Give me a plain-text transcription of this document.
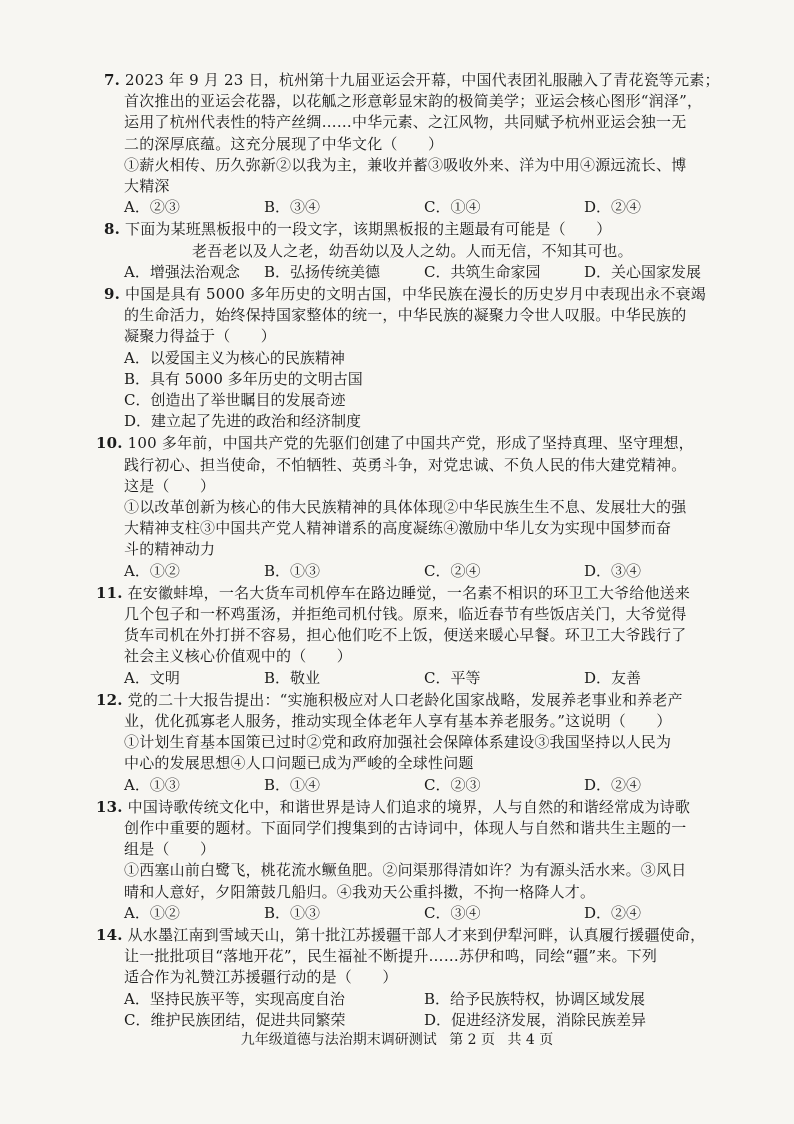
7. 2023 年 9 月 23 日，杭州第十九届亚运会开幕，中国代表团礼服融入了青花瓷等元素；
首次推出的亚运会花器，以花觚之形意彰显宋韵的极简美学；亚运会核心图形“润泽”，
运用了杭州代表性的特产丝绸……中华元素、之江风物，共同赋予杭州亚运会独一无
二的深厚底蕴。这充分展现了中华文化（　　）
①薪火相传、历久弥新②以我为主，兼收并蓄③吸收外来、洋为中用④源远流长、博
大精深
A．②③	B．③④	C．①④	D．②④
8. 下面为某班黑板报中的一段文字，该期黑板报的主题最有可能是（　　）
老吾老以及人之老，幼吾幼以及人之幼。人而无信，不知其可也。
A．增强法治观念 B．弘扬传统美德	C．共筑生命家园	D．关心国家发展
9. 中国是具有 5000 多年历史的文明古国，中华民族在漫长的历史岁月中表现出永不衰竭
的生命活力，始终保持国家整体的统一，中华民族的凝聚力令世人叹服。中华民族的
凝聚力得益于（　　）
A．以爱国主义为核心的民族精神
B．具有 5000 多年历史的文明古国
C．创造出了举世瞩目的发展奇迹
D．建立起了先进的政治和经济制度
10. 100 多年前，中国共产党的先驱们创建了中国共产党，形成了坚持真理、坚守理想，
践行初心、担当使命，不怕牺牲、英勇斗争，对党忠诚、不负人民的伟大建党精神。
这是（　　）
①以改革创新为核心的伟大民族精神的具体体现②中华民族生生不息、发展壮大的强
大精神支柱③中国共产党人精神谱系的高度凝练④激励中华儿女为实现中国梦而奋
斗的精神动力
A．①②	B．①③	C．②④	D．③④
11. 在安徽蚌埠，一名大货车司机停车在路边睡觉，一名素不相识的环卫工大爷给他送来
几个包子和一杯鸡蛋汤，并拒绝司机付钱。原来，临近春节有些饭店关门，大爷觉得
货车司机在外打拼不容易，担心他们吃不上饭，便送来暖心早餐。环卫工大爷践行了
社会主义核心价值观中的（　　）
A．文明	B．敬业	C．平等	D．友善
12. 党的二十大报告提出：“实施积极应对人口老龄化国家战略，发展养老事业和养老产
业，优化孤寡老人服务，推动实现全体老年人享有基本养老服务。”这说明（　　）
①计划生育基本国策已过时②党和政府加强社会保障体系建设③我国坚持以人民为
中心的发展思想④人口问题已成为严峻的全球性问题
A．①③	B．①④	C．②③	D．②④
13. 中国诗歌传统文化中，和谐世界是诗人们追求的境界，人与自然的和谐经常成为诗歌
创作中重要的题材。下面同学们搜集到的古诗词中，体现人与自然和谐共生主题的一
组是（　　）
①西塞山前白鹭飞，桃花流水鳜鱼肥。②问渠那得清如许？为有源头活水来。③风日
晴和人意好，夕阳箫鼓几船归。④我劝天公重抖擞，不拘一格降人才。
A．①②	B．①③	C．③④	D．②④
14. 从水墨江南到雪域天山，第十批江苏援疆干部人才来到伊犁河畔，认真履行援疆使命，
让一批批项目“落地开花”，民生福祉不断提升……苏伊和鸣，同绘“疆”来。下列
适合作为礼赞江苏援疆行动的是（　　）
A．坚持民族平等，实现高度自治	B．给予民族特权，协调区域发展
C．维护民族团结，促进共同繁荣	D．促进经济发展，消除民族差异
九年级道德与法治期末调研测试 第 2 页 共 4 页
